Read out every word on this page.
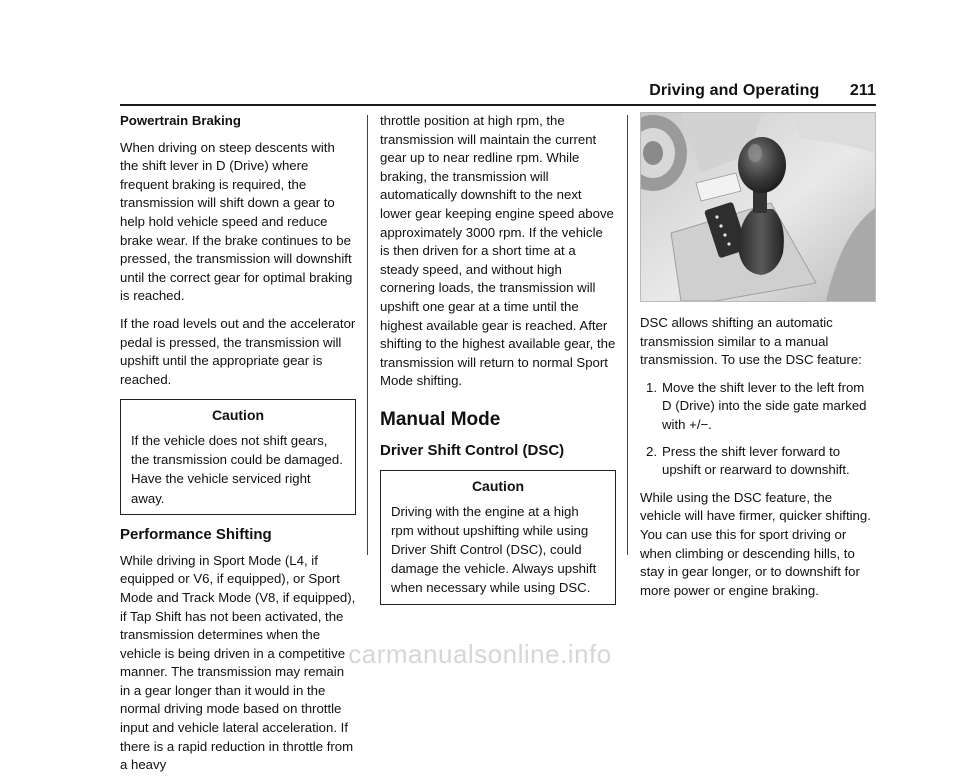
Driving and Operating 211
Powertrain Braking

When driving on steep descents with the shift lever in D (Drive) where frequent braking is required, the transmission will shift down a gear to help hold vehicle speed and reduce brake wear. If the brake continues to be pressed, the transmission will downshift until the correct gear for optimal braking is reached.

If the road levels out and the accelerator pedal is pressed, the transmission will upshift until the appropriate gear is reached.

Caution
If the vehicle does not shift gears, the transmission could be damaged. Have the vehicle serviced right away.
Performance Shifting

While driving in Sport Mode (L4, if equipped or V6, if equipped), or Sport Mode and Track Mode (V8, if equipped), if Tap Shift has not been activated, the transmission determines when the vehicle is being driven in a competitive manner. The transmission may remain in a gear longer than it would in the normal driving mode based on throttle input and vehicle lateral acceleration. If there is a rapid reduction in throttle from a heavy

throttle position at high rpm, the transmission will maintain the current gear up to near redline rpm. While braking, the transmission will automatically downshift to the next lower gear keeping engine speed above approximately 3000 rpm. If the vehicle is then driven for a short time at a steady speed, and without high cornering loads, the transmission will upshift one gear at a time until the highest available gear is reached. After shifting to the highest available gear, the transmission will return to normal Sport Mode shifting.

Manual Mode
Driver Shift Control (DSC)
Caution
Driving with the engine at a high rpm without upshifting while using Driver Shift Control (DSC), could damage the vehicle. Always upshift when necessary while using DSC.

DSC allows shifting an automatic transmission similar to a manual transmission. To use the DSC feature:

1. Move the shift lever to the left from D (Drive) into the side gate marked with +/−.
2. Press the shift lever forward to upshift or rearward to downshift.

While using the DSC feature, the vehicle will have firmer, quicker shifting. You can use this for sport driving or when climbing or descending hills, to stay in gear longer, or to downshift for more power or engine braking.

carmanualsonline.info
